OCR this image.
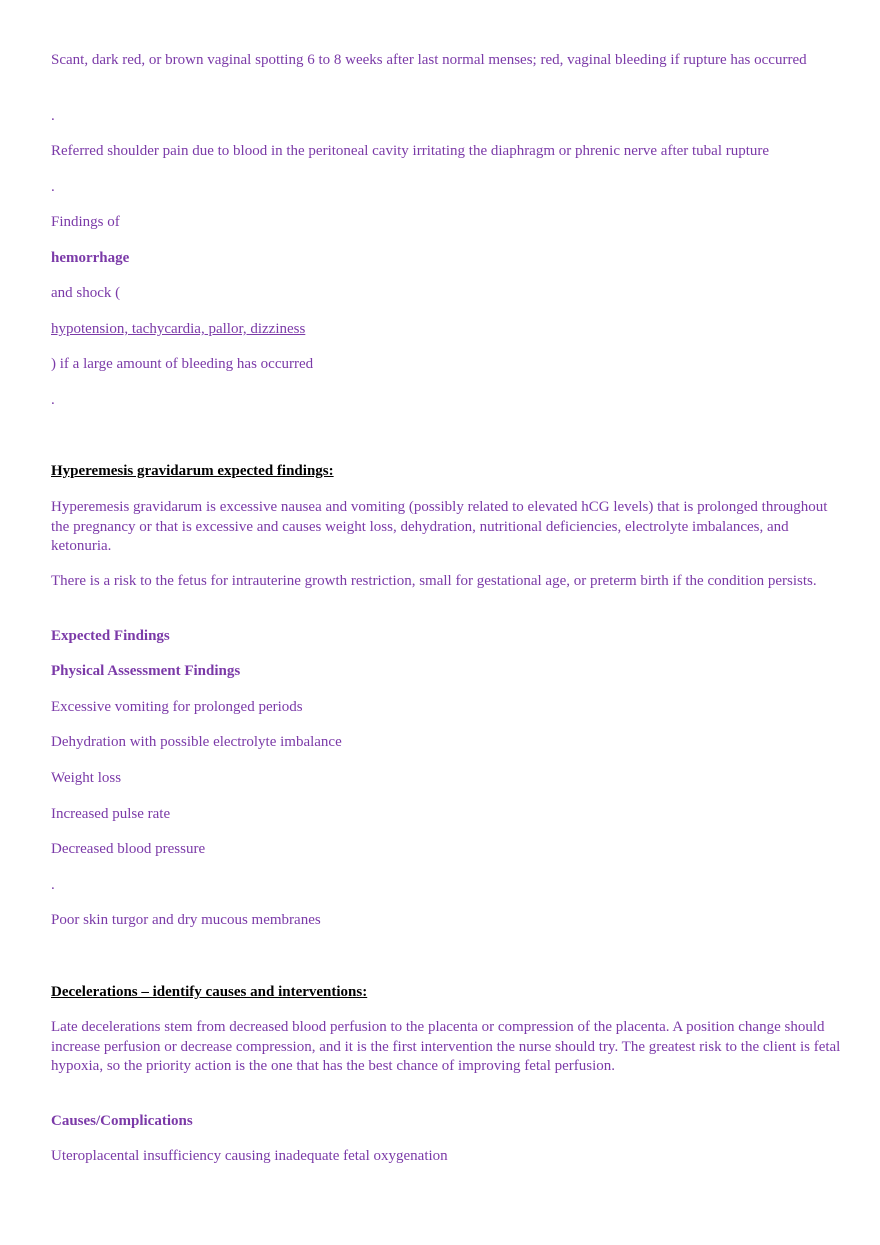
Scant, dark red, or brown vaginal spotting 6 to 8 weeks after last normal menses; red, vaginal bleeding if rupture has occurred

.

Referred shoulder pain due to blood in the peritoneal cavity irritating the diaphragm or phrenic nerve after tubal rupture

.

Findings of

hemorrhage

and shock (

hypotension, tachycardia, pallor, dizziness

) if a large amount of bleeding has occurred

.

Hyperemesis gravidarum expected findings:

Hyperemesis gravidarum is excessive nausea and vomiting (possibly related to elevated hCG levels) that is prolonged throughout the pregnancy or that is excessive and causes weight loss, dehydration, nutritional deficiencies, electrolyte imbalances, and ketonuria.

There is a risk to the fetus for intrauterine growth restriction, small for gestational age, or preterm birth if the condition persists.

Expected Findings

Physical Assessment Findings

Excessive vomiting for prolonged periods

Dehydration with possible electrolyte imbalance

Weight loss

Increased pulse rate

Decreased blood pressure

.

Poor skin turgor and dry mucous membranes

Decelerations – identify causes and interventions:

Late decelerations stem from decreased blood perfusion to the placenta or compression of the placenta. A position change should increase perfusion or decrease compression, and it is the first intervention the nurse should try. The greatest risk to the client is fetal hypoxia, so the priority action is the one that has the best chance of improving fetal perfusion.

Causes/Complications

Uteroplacental insufficiency causing inadequate fetal oxygenation
